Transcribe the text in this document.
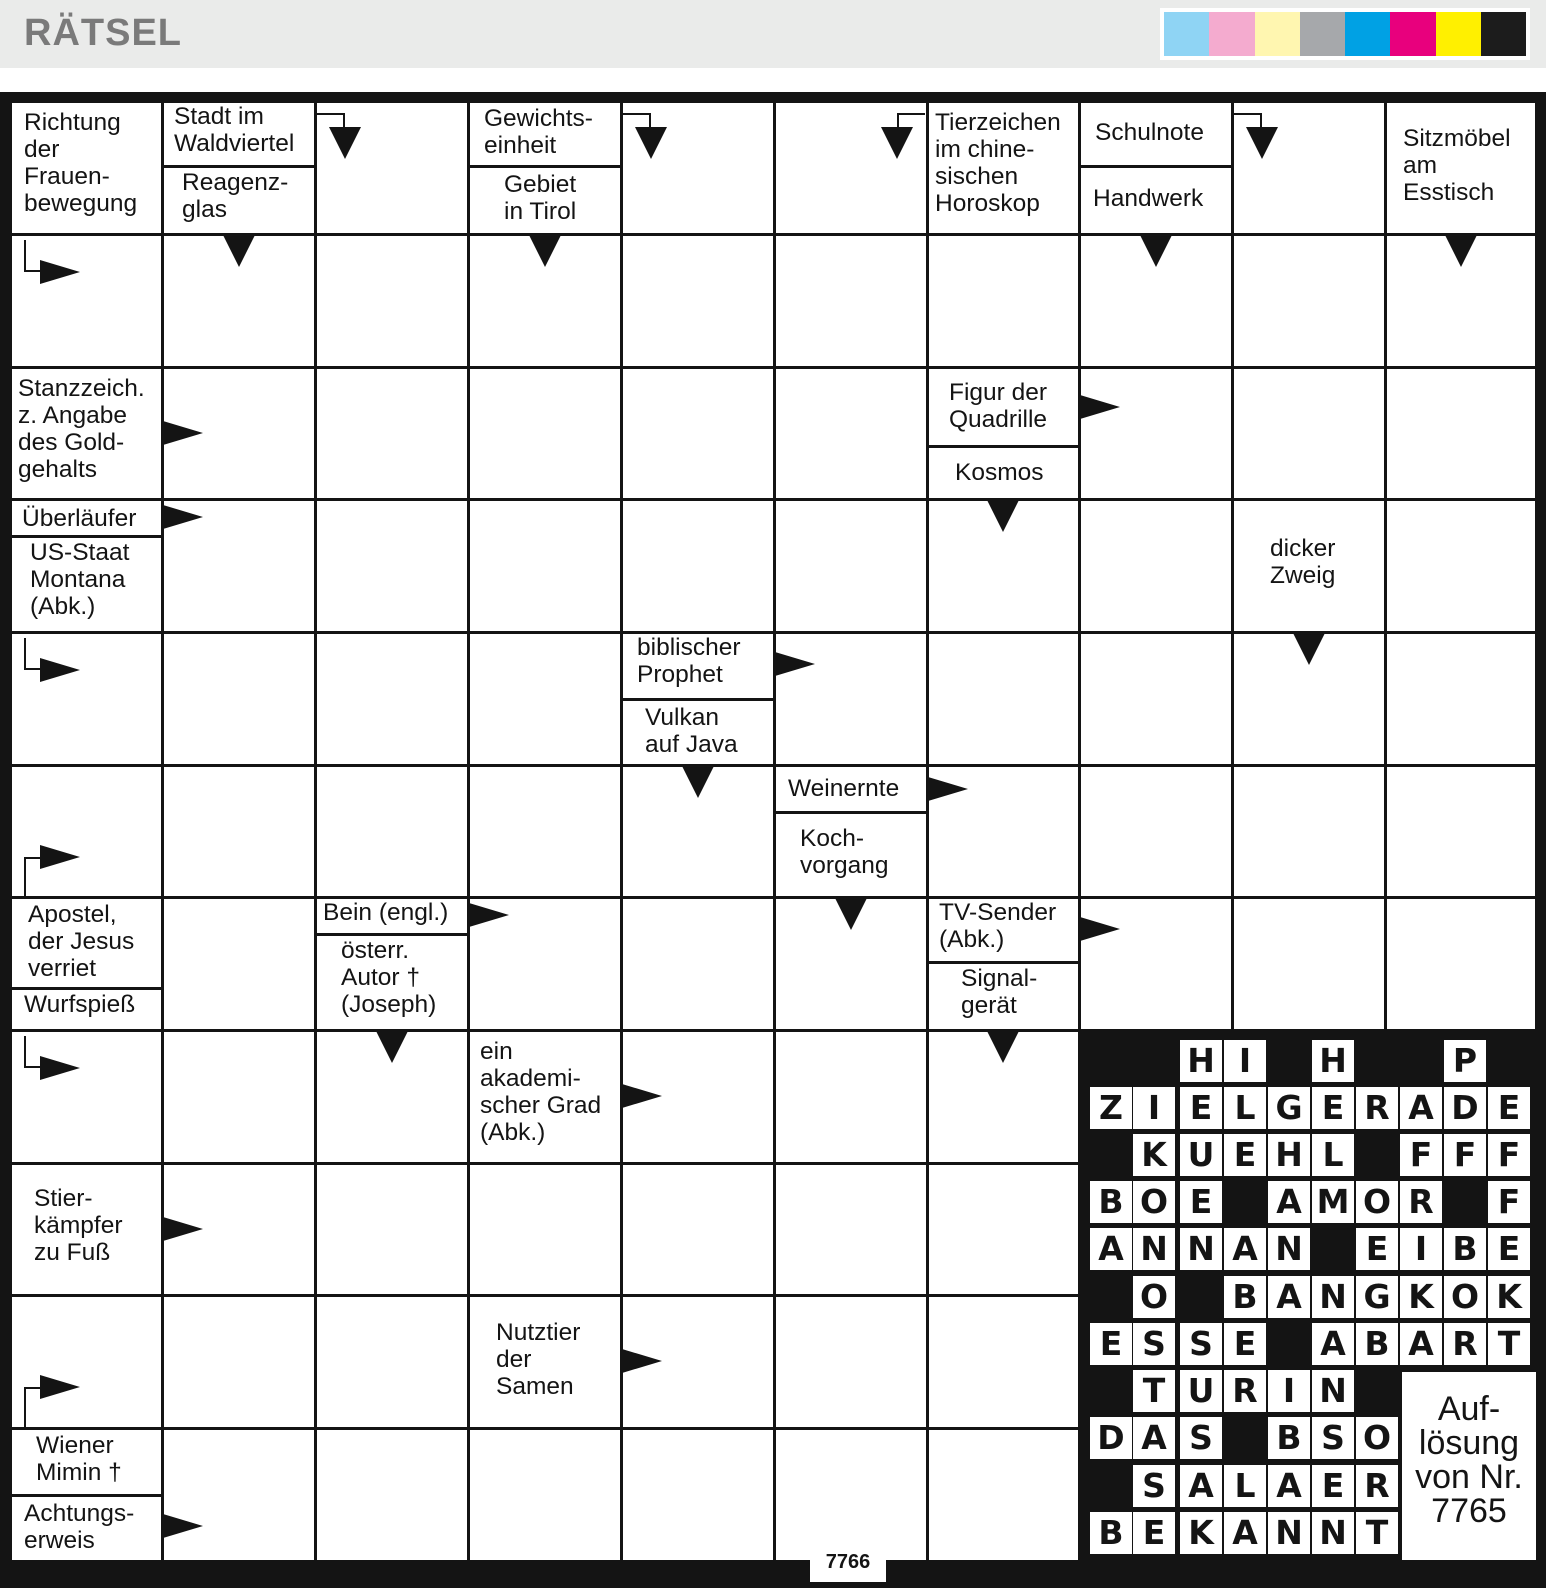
RÄTSEL
Richtung
der
Frauen-
bewegung
Stadt im
Waldviertel
Reagenz-
glas
Gewichts-
einheit
Gebiet
in Tirol
Tierzeichen
im chine-
sischen
Horoskop
Schulnote
Handwerk
Sitzmöbel
am
Esstisch
Stanzzeich.
z. Angabe
des Gold-
gehalts
Figur der
Quadrille
Kosmos
Überläufer
US-Staat
Montana
(Abk.)
dicker
Zweig
biblischer
Prophet
Vulkan
auf Java
Weinernte
Koch-
vorgang
Apostel,
der Jesus
verriet
Wurfspieß
Bein (engl.)
österr.
Autor †
(Joseph)
TV-Sender
(Abk.)
Signal-
gerät
ein
akademi-
scher Grad
(Abk.)
Stier-
kämpfer
zu Fuß
Nutztier
der
Samen
Wiener
Mimin †
Achtungs-
erweis
H I	H	P
Z I E L G E R A D E
K U E H L	F F F
B O E A M O R F
A N N A N E I B E
O B A N G K O K
E S S E A B A R T
T U R I N
D A S B S O
S A L A E R
B E K A N N T
Auf-
lösung
von Nr.
7765
7766
